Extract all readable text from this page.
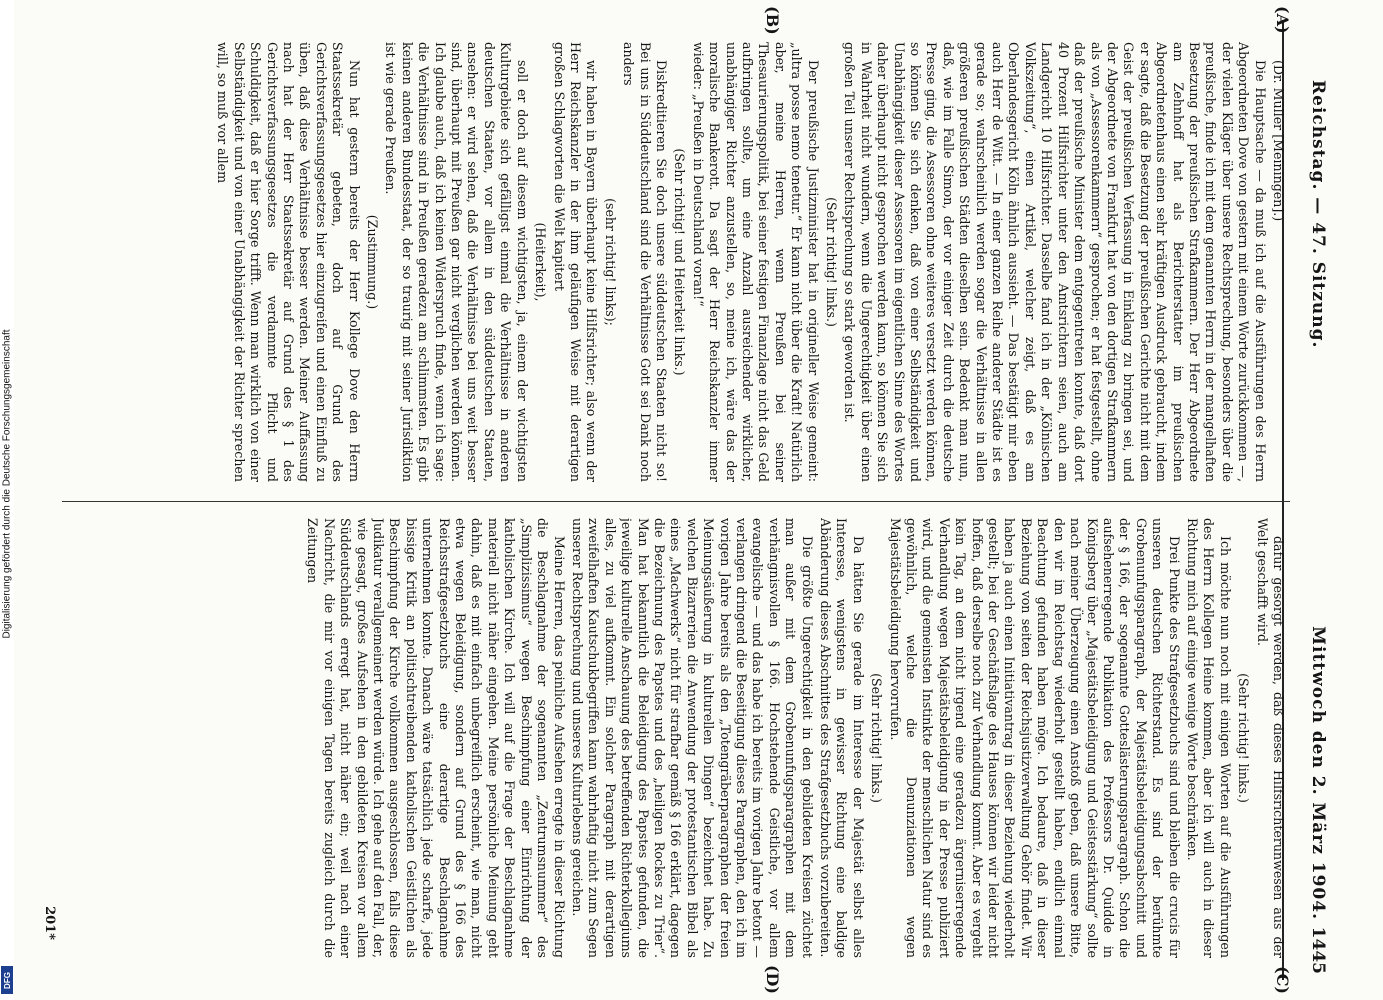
Reichstag. — 47. Sitzung.
Mittwoch den 2. März 1904.
1445
(A)
(B)
(C)
(D)

(Dr. Müller [Meiningen].)

Die Hauptsache — da muß ich auf die Ausführungen des Herrn Abgeordneten Dove von gestern mit einem Worte zurückkommen —, der vielen Kläger über unsere Rechtsprechung, besonders über die preußische, finde ich mit dem genannten Herrn in der mangelhaften Besetzung der preußischen Strafkammern. Der Herr Abgeordnete am Zehnhoff hat als Berichterstatter im preußischen Abgeordnetenhaus einen sehr kräftigen Ausdruck gebraucht, indem er sagte, daß die Besetzung der preußischen Gerichte nicht mit dem Geist der preußischen Verfassung in Einklang zu bringen sei, und der Abgeordnete von Frankfurt hat von den dortigen Strafkammern als von „Assessorenkammern“ gesprochen; er hat festgestellt, ohne daß der preußische Minister dem entgegentreten konnte, daß dort 40 Prozent Hilfsrichter unter den Amtsrichtern seien, auch am Landgericht 10 Hilfsrichter. Dasselbe fand ich in der „Kölnischen Volkszeitung“, einen Artikel, welcher zeigt, daß es am Oberlandesgericht Köln ähnlich aussieht. — Das bestätigt mir eben auch Herr de Witt. — In einer ganzen Reihe anderer Städte ist es gerade so; wahrscheinlich werden sogar die Verhältnisse in allen größeren preußischen Städten dieselben sein. Bedenkt man nun, daß, wie im Falle Simon, der vor einiger Zeit durch die deutsche Presse ging, die Assessoren ohne weiteres versetzt werden können, so können Sie sich denken, daß von einer Selbständigkeit und Unabhängigkeit dieser Assessoren im eigentlichen Sinne des Wortes daher überhaupt nicht gesprochen werden kann, so können Sie sich in Wahrheit nicht wundern, wenn die Ungerechtigkeit über einen großen Teil unserer Rechtsprechung so stark geworden ist.

(Sehr richtig! links.)

Der preußische Justizminister hat in origineller Weise gemeint: „ultra posse nemo tenetur.“ Er kann nicht über die Kraft! Natürlich aber, meine Herren, wenn Preußen bei seiner Thesaurierungspolitik, bei seiner festigen Finanzlage nicht das Geld aufbringen sollte, um eine Anzahl ausreichender wirklicher, unabhängiger Richter anzustellen, so, meine ich, wäre das der moralische Bankerott. Da sagt der Herr Reichskanzler immer wieder: „Preußen in Deutschland voran!“

(Sehr richtig! und Heiterkeit links.)

Diskreditieren Sie doch unsere süddeutschen Staaten nicht so! Bei uns in Süddeutschland sind die Verhältnisse Gott sei Dank noch anders

(sehr richtig! links);

wir haben in Bayern überhaupt keine Hilfsrichter; also wenn der Herr Reichskanzler in der ihm geläufigen Weise mit derartigen großen Schlagworten die Welt kapitert

(Heiterkeit),

soll er doch auf diesem wichtigsten, ja, einem der wichtigsten Kulturgebiete sich gefälligst einmal die Verhältnisse in anderen deutschen Staaten, vor allem in den süddeutschen Staaten, ansehen: er wird sehen, daß die Verhältnisse bei uns weit besser sind, überhaupt mit Preußen gar nicht verglichen werden können. Ich glaube auch, daß ich keinen Widerspruch finde, wenn ich sage: die Verhältnisse sind in Preußen geradezu am schlimmsten. Es gibt keinen anderen Bundesstaat, der so traurig mit seiner Jurisdiktion ist wie gerade Preußen.

(Zustimmung.)

Nun hat gestern bereits der Herr Kollege Dove den Herrn Staatssekretär gebeten, doch auf Grund des Gerichtsverfassungsgesetzes hier einzugreifen und einen Einfluß zu üben, daß diese Verhältnisse besser werden. Meiner Auffassung nach hat der Herr Staatssekretär auf Grund des § 1 des Gerichtsverfassungsgesetzes die verdammte Pflicht und Schuldigkeit, daß er hier Sorge trifft. Wenn man wirklich von einer Selbständigkeit und von einer Unabhängigkeit der Richter sprechen will, so muß vor allem

dafür gesorgt werden, daß dieses Hilfsrichterunwesen aus der Welt geschafft wird.

(Sehr richtig! links.)

Ich möchte nun noch mit einigen Worten auf die Ausführungen des Herrn Kollegen Heine kommen, aber ich will auch in dieser Richtung mich auf einige wenige Worte beschränken.

Drei Punkte des Strafgesetzbuchs sind und bleiben die crucis für unseren deutschen Richterstand. Es sind der berühmte Grobenunfugsparagraph, der Majestätsbeleidigungsabschnitt und der § 166, der sogenannte Gotteslästerungsparagraph. Schon die aufsehenerregende Publikation des Professors Dr. Quidde in Königsberg über „Majestätsbeleidigung und Geistesstärkung“ sollte nach meiner Überzeugung einen Anstoß geben, daß unsere Bitte, den wir im Reichstag wiederholt gestellt haben, endlich einmal Beachtung gefunden haben möge. Ich bedaure, daß in dieser Beziehung von seiten der Reichsjustizverwaltung Gehör findet. Wir haben ja auch einen Initiativantrag in dieser Beziehung wiederholt gestellt; bei der Geschäftslage des Hauses können wir leider nicht hoffen, daß derselbe noch zur Verhandlung kommt. Aber es vergeht kein Tag, an dem nicht irgend eine geradezu ärgerniserregende Verhandlung wegen Majestätsbeleidigung in der Presse publiziert wird, und die gemeinsten Instinkte der menschlichen Natur sind es gewöhnlich, welche die Denunziationen wegen Majestätsbeleidigung hervorrufen.

(Sehr richtig! links.)

Da hätten Sie gerade im Interesse der Majestät selbst alles Interesse, wenigstens in gewisser Richtung eine baldige Abänderung dieses Abschnittes des Strafgesetzbuchs vorzubereiten.

Die größte Ungerechtigkeit in den gebildeten Kreisen züchtet man außer mit dem Grobenunfugsparagraphen mit dem verhängnisvollen § 166. Hochstehende Geistliche, vor allem evangelische — und das habe ich bereits im vorigen Jahre betont — verlangen dringend die Beseitigung dieses Paragraphen, den ich im vorigen Jahre bereits als den „Totengräberparagraphen der freien Meinungsäußerung in kulturellen Dingen“ bezeichnet habe. Zu welchen Bizarrerien die Anwendung der protestantischen Bibel als eines „Machwerks“ nicht für strafbar gemäß § 166 erklärt, dagegen die Bezeichnung des Papstes und des „heiligen Rockes zu Trier“. Man hat bekanntlich die Beleidigung des Papstes gefunden, die jeweilige kulturelle Anschauung des betreffenden Richterkollegiums alles, zu viel aufkommt. Ein solcher Paragraph mit derartigen zweifelhaften Kautschukbegriffen kann wahrhaftig nicht zum Segen unserer Rechtsprechung und unseres Kulturlebens gereichen.

Meine Herren, das peinliche Aufsehen erregte in dieser Richtung die Beschlagnahme der sogenannten „Zentrumsnummer“ des „Simplizissimus“ wegen Beschimpfung einer Einrichtung der katholischen Kirche. Ich will auf die Frage der Beschlagnahme materiell nicht näher eingehen. Meine persönliche Meinung geht dahin, daß es mit einfach unbegreiflich erscheint, wie man, nicht etwa wegen Beleidigung, sondern auf Grund des § 166 des Reichsstrafgesetzbuchs eine derartige Beschlagnahme unternehmen konnte. Danach wäre tatsächlich jede scharfe, jede bissige Kritik an politischtreibenden katholischen Geistlichen als Beschimpfung der Kirche vollkommen ausgeschlossen, falls diese Judikatur verallgemeinert werden würde. Ich gehe auf den Fall, der, wie gesagt, großes Aufsehen in den gebildeten Kreisen vor allem Süddeutschlands erregt hat, nicht näher ein; weil nach einer Nachricht, die mir vor einigen Tagen bereits zugleich durch die Zeitungen

201*
Digitalisierung gefördert durch die Deutsche Forschungsgemeinschaft
DFG
